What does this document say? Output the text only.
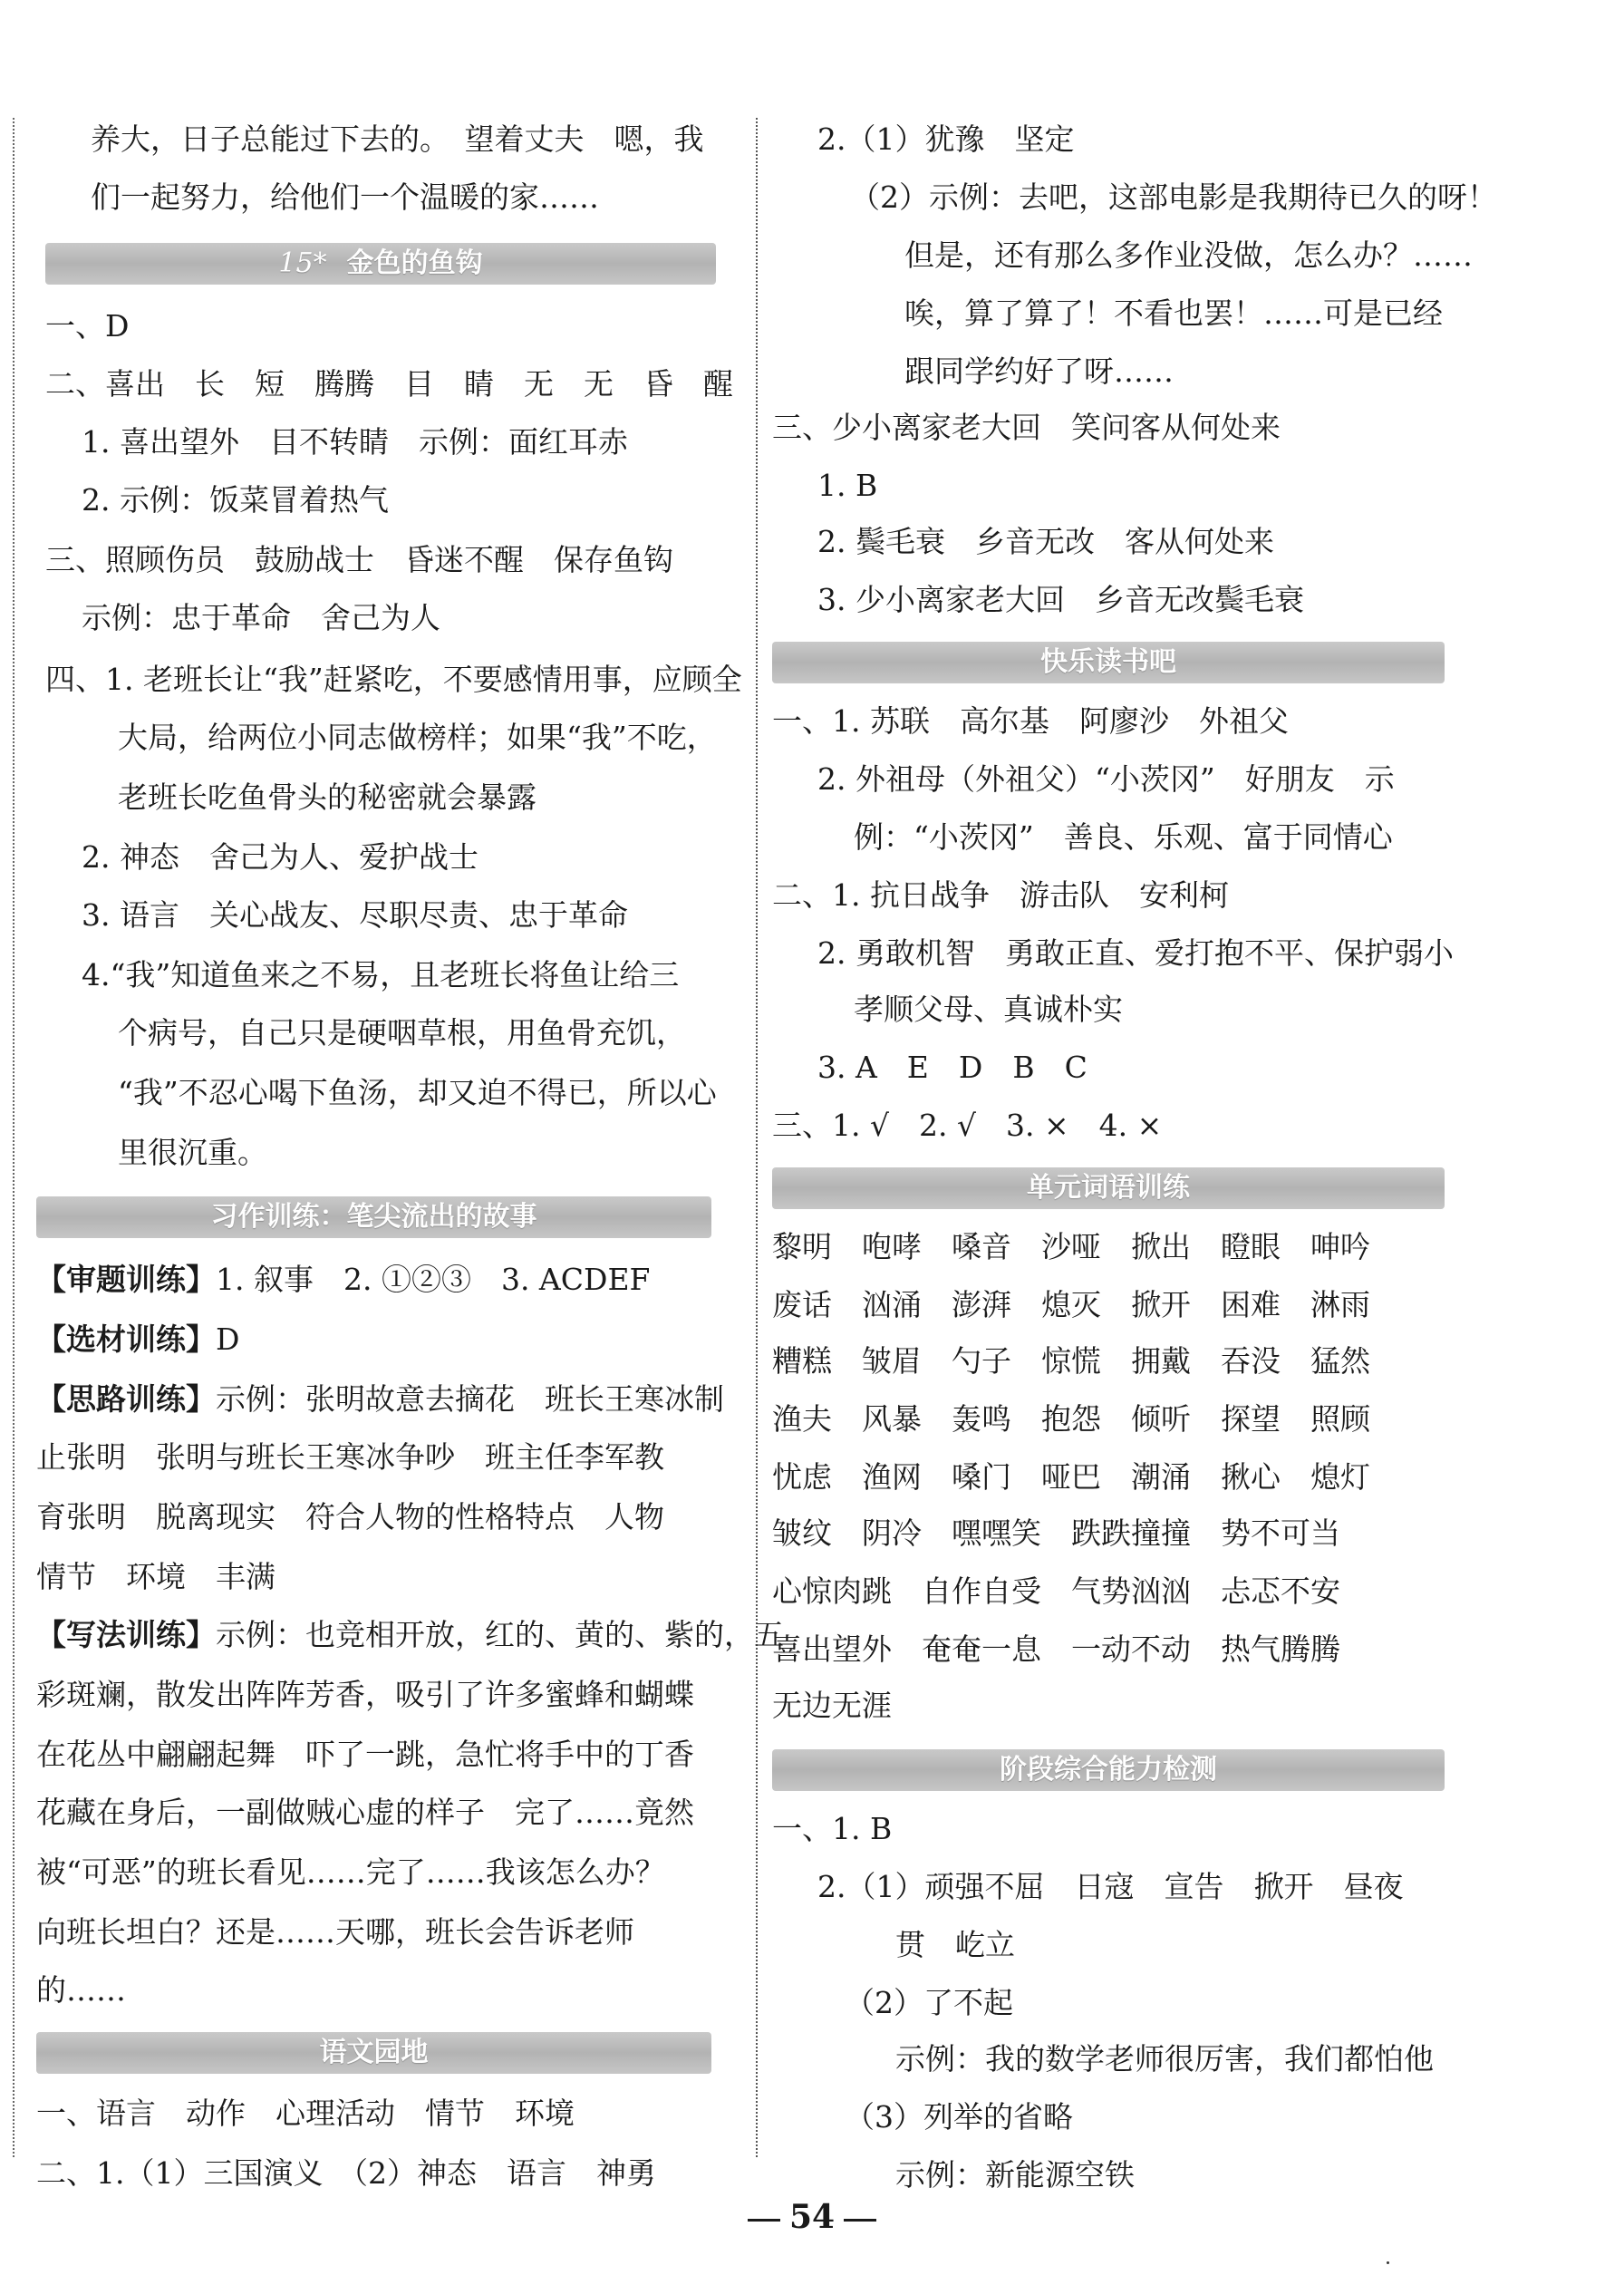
养大，日子总能过下去的。　望着丈夫　嗯，我
们一起努力，给他们一个温暖的家……
15* 金色的鱼钩
一、D
二、喜出　长　短　腾腾　目　睛　无　无　昏　醒
1. 喜出望外　目不转睛　示例：面红耳赤
2. 示例：饭菜冒着热气
三、照顾伤员　鼓励战士　昏迷不醒　保存鱼钩
示例：忠于革命　舍己为人
四、1. 老班长让“我”赶紧吃，不要感情用事，应顾全
大局，给两位小同志做榜样；如果“我”不吃，
老班长吃鱼骨头的秘密就会暴露
2. 神态　舍己为人、爱护战士
3. 语言　关心战友、尽职尽责、忠于革命
4.“我”知道鱼来之不易，且老班长将鱼让给三
个病号，自己只是硬咽草根，用鱼骨充饥，
“我”不忍心喝下鱼汤，却又迫不得已，所以心
里很沉重。
习作训练：笔尖流出的故事
【审题训练】1. 叙事　2. ①②③　3. ACDEF
【选材训练】D
【思路训练】示例：张明故意去摘花　班长王寒冰制
止张明　张明与班长王寒冰争吵　班主任李军教
育张明　脱离现实　符合人物的性格特点　人物
情节　环境　丰满
【写法训练】示例：也竞相开放，红的、黄的、紫的，五
彩斑斓，散发出阵阵芳香，吸引了许多蜜蜂和蝴蝶
在花丛中翩翩起舞　吓了一跳，急忙将手中的丁香
花藏在身后，一副做贼心虚的样子　完了……竟然
被“可恶”的班长看见……完了……我该怎么办？
向班长坦白？还是……天哪，班长会告诉老师
的……
语文园地
一、语言　动作　心理活动　情节　环境
二、1.（1）三国演义　（2）神态　语言　神勇
2.（1）犹豫　坚定
（2）示例：去吧，这部电影是我期待已久的呀！
但是，还有那么多作业没做，怎么办？……
唉，算了算了！不看也罢！……可是已经
跟同学约好了呀……
三、少小离家老大回　笑问客从何处来
1. B
2. 鬓毛衰　乡音无改　客从何处来
3. 少小离家老大回　乡音无改鬓毛衰
快乐读书吧
一、1. 苏联　高尔基　阿廖沙　外祖父
2. 外祖母（外祖父）“小茨冈”　好朋友　示
例：“小茨冈”　善良、乐观、富于同情心
二、1. 抗日战争　游击队　安利柯
2. 勇敢机智　勇敢正直、爱打抱不平、保护弱小
孝顺父母、真诚朴实
3. A　E　D　B　C
三、1. √　2. √　3. ×　4. ×
单元词语训练
黎明　咆哮　嗓音　沙哑　掀出　瞪眼　呻吟
废话　汹涌　澎湃　熄灭　掀开　困难　淋雨
糟糕　皱眉　勺子　惊慌　拥戴　吞没　猛然
渔夫　风暴　轰鸣　抱怨　倾听　探望　照顾
忧虑　渔网　嗓门　哑巴　潮涌　揪心　熄灯
皱纹　阴冷　嘿嘿笑　跌跌撞撞　势不可当
心惊肉跳　自作自受　气势汹汹　忐忑不安
喜出望外　奄奄一息　一动不动　热气腾腾
无边无涯
阶段综合能力检测
一、1. B
2.（1）顽强不屈　日寇　宣告　掀开　昼夜
贯　屹立
（2）了不起
示例：我的数学老师很厉害，我们都怕他
（3）列举的省略
示例：新能源空铁
54
